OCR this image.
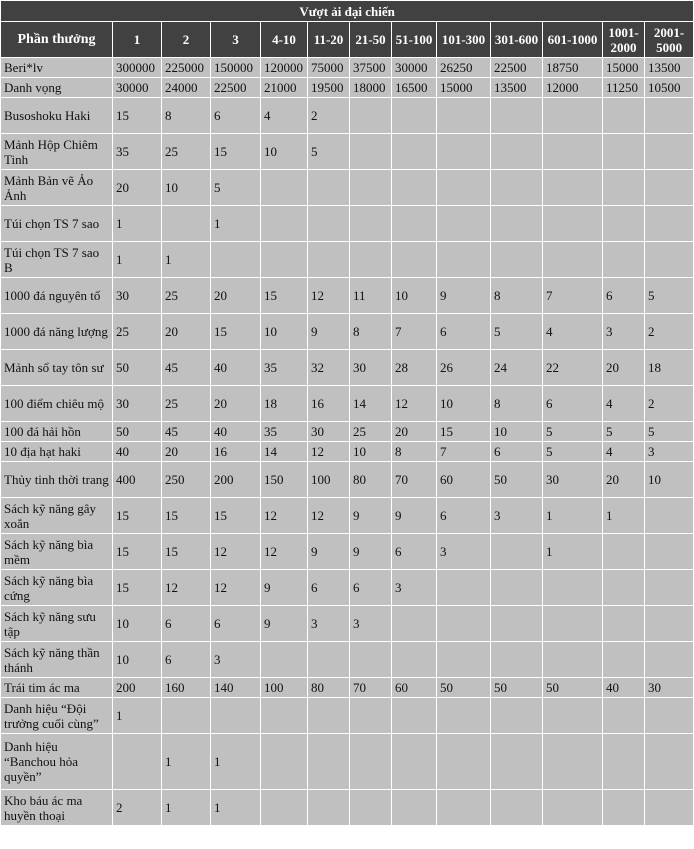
Vượt ải đại chiến												
Phần thưởng	1	2	3	4-10	11-20	21-50	51-100	101-300	301-600	601-1000	1001-2000	2001-5000
Beri*lv	300000	225000	150000	120000	75000	37500	30000	26250	22500	18750	15000	13500
Danh vọng	30000	24000	22500	21000	19500	18000	16500	15000	13500	12000	11250	10500
Busoshoku Haki	15	8	6	4	2							
Mảnh Hộp Chiêm Tinh	35	25	15	10	5							
Mảnh Bản vẽ Ảo Ảnh	20	10	5									
Túi chọn TS 7 sao	1		1									
Túi chọn TS 7 sao B	1	1										
1000 đá nguyên tố	30	25	20	15	12	11	10	9	8	7	6	5
1000 đá năng lượng	25	20	15	10	9	8	7	6	5	4	3	2
Mảnh sổ tay tôn sư	50	45	40	35	32	30	28	26	24	22	20	18
100 điểm chiêu mộ	30	25	20	18	16	14	12	10	8	6	4	2
100 đá hải hồn	50	45	40	35	30	25	20	15	10	5	5	5
10 địa hạt haki	40	20	16	14	12	10	8	7	6	5	4	3
Thủy tinh thời trang	400	250	200	150	100	80	70	60	50	30	20	10
Sách kỹ năng gây xoắn	15	15	15	12	12	9	9	6	3	1	1	
Sách kỹ năng bìa mềm	15	15	12	12	9	9	6	3		1		
Sách kỹ năng bìa cứng	15	12	12	9	6	6	3					
Sách kỹ năng sưu tập	10	6	6	9	3	3						
Sách kỹ năng thần thánh	10	6	3									
Trái tim ác ma	200	160	140	100	80	70	60	50	50	50	40	30
Danh hiệu “Đội trưởng cuối cùng”	1											
Danh hiệu “Banchou hỏa quyền”		1	1									
Kho báu ác ma huyền thoại	2	1	1									
